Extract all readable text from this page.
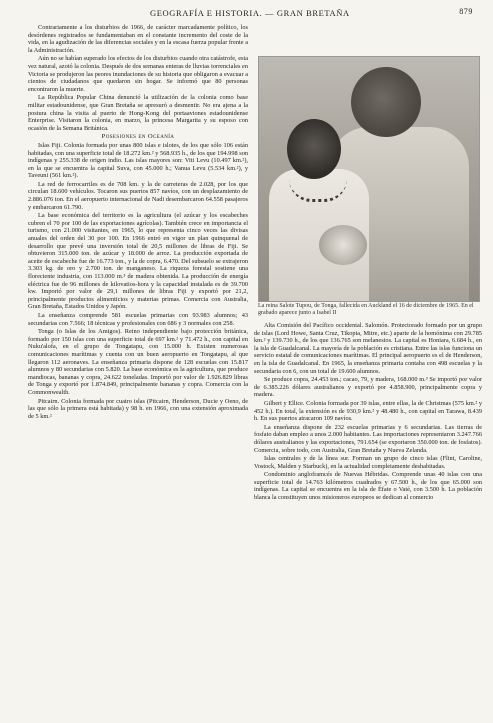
GEOGRAFÍA E HISTORIA. — GRAN BRETAÑA	879

Contrariamente a los disturbios de 1966, de carácter marcadamente político, los desórdenes registrados se fundamentaban en el constante incremento del coste de la vida, en la agudización de las diferencias sociales y en la escasa fuerza popular frente a la Administración.

Aún no se habían superado los efectos de los disturbios cuando otra catástrofe, esta vez natural, azotó la colonia. Después de dos semanas enteras de lluvias torrenciales en Victoria se produjeron las peores inundaciones de su historia que obligaron a evacuar a cientos de ciudadanos que quedaron sin hogar. Se informó que 80 personas encontraron la muerte.

La República Popular China denunció la utilización de la colonia como base militar estadounidense, que Gran Bretaña se apresuró a desmentir. No era ajena a la postura china la visita al puerto de Hong-Kong del portaaviones estadounidense Enterprise. Visitaron la colonia, en marzo, la princesa Margarita y su esposo con ocasión de la Semana Británica.

Posesiones en Oceanía

Islas Fiji. Colonia formada por unas 800 islas e islotes, de los que sólo 106 están habitadas, con una superficie total de 18.272 km.² y 568.935 h., de los que 194.998 son indígenas y 255.338 de origen indio. Las islas mayores son: Viti Levu (10.497 km.²), en la que se encuentra la capital Suva, con 45.000 h.; Vanua Levu (5.534 km.²), y Taveuni (561 km.²).

La red de ferrocarriles es de 708 km. y la de carreteras de 2.028, por los que circulan 18.600 vehículos. Tocaron sus puertos 857 navíos, con un desplazamiento de 2.886.076 ton. En el aeropuerto internacional de Nadi desembarcaron 64.558 pasajeros y embarcaron 61.790.

La base económica del territorio es la agricultura (el azúcar y los escabeches cubren el 70 por 100 de las exportaciones agrícolas). También crece en importancia el turismo, con 21.000 visitantes, en 1965, lo que representa cinco veces las divisas anuales del orden del 30 por 100. En 1966 entró en vigor un plan quinquenal de desarrollo que prevé una inversión total de 20,5 millones de libras de Fiji. Se obtuvieron 315.000 ton. de azúcar y 18.000 de arroz. La producción exportada de aceite de escabeche fue de 16.773 ton., y la de copra, 6.470. Del subsuelo se extrajeron 3.303 kg. de oro y 2.700 ton. de manganeso. La riqueza forestal sostiene una floreciente industria, con 113.000 m.³ de madera obtenida. La producción de energía eléctrica fue de 96 millones de kilovatios-hora y la capacidad instalada es de 39.700 kw. Importó por valor de 29,1 millones de libras Fiji y exportó por 21,2, principalmente productos alimenticios y materias primas. Comercia con Australia, Gran Bretaña, Estados Unidos y Japón.

La enseñanza comprende 581 escuelas primarias con 93.983 alumnos; 43 secundarias con 7.566; 18 técnicas y profesionales con 686 y 3 normales con 258.

Tonga (o Islas de los Amigos). Reino independiente bajo protección británica, formado por 150 islas con una superficie total de 697 km.² y 71.472 h., con capital en Nuku'alofa, en el grupo de Tongatapu, con 15.000 h. Existen numerosas comunicaciones marítimas y cuenta con un buen aeropuerto en Tongatapu, al que llegaron 112 aeronaves. La enseñanza primaria dispone de 128 escuelas con 15.817 alumnos y 80 secundarias con 5.820. La base económica es la agricultura, que produce mandiocas, bananas y copra, 24.622 toneladas. Importó por valor de 1.926.829 libras de Tonga y exportó por 1.874.849, principalmente bananas y copra. Comercia con la Commonwealth.

Pitcairn. Colonia formada por cuatro islas (Pitcairn, Henderson, Ducie y Oeno, de las que sólo la primera está habitada) y 98 h. en 1966, con una extensión aproximada de 5 km.²

La reina Salote Tupou, de Tonga, fallecida en Auckland el 16 de diciembre de 1965. En el grabado aparece junto a Isabel II

Alta Comisión del Pacífico occidental. Salomón. Protectorado formado por un grupo de islas (Lord Howe, Santa Cruz, Tikopia, Mitre, etc.) aparte de la homónima con 29.785 km.² y 139.730 h., de los que 136.765 son melanesios. La capital es Honiara, 6.684 h., en la isla de Guadalcanal. La mayoría de la población es cristiana. Entre las islas funciona un servicio estatal de comunicaciones marítimas. El principal aeropuerto es el de Henderson, en la isla de Guadalcanal. En 1965, la enseñanza primaria contaba con 498 escuelas y la secundaria con 6, con un total de 19.600 alumnos.

Se produce copra, 24.453 ton.; cacao, 79, y madera, 168.000 m.³ Se importó por valor de 6.385.226 dólares australianos y exportó por 4.858.900, principalmente copra y madera.

Gilbert y Ellice. Colonia formada por 39 islas, entre ellas, la de Christmas (575 km.² y 452 h.). En total, la extensión es de 930,9 km.² y 48.480 h., con capital en Tarawa, 8.439 h. En sus puertos atracaron 109 navíos.

La enseñanza dispone de 232 escuelas primarias y 6 secundarias. Las tierras de fosfato daban empleo a unos 2.000 habitantes. Las importaciones representaron 3.247.766 dólares australianos y las exportaciones, 791.654 (se exportaron 350.000 ton. de fosfatos). Comercia, sobre todo, con Australia, Gran Bretaña y Nueva Zelanda.

Islas centrales y de la línea sur. Forman un grupo de cinco islas (Flint, Caroline, Vostock, Malden y Starbuck), en la actualidad completamente deshabitadas.

Condominio angloframcés de Nuevas Hébridas. Comprende unas 40 islas con una superficie total de 14.763 kilómetros cuadrados y 67.500 h., de los que 65.000 son indígenas. La capital se encuentra en la isla de Éfate o Vaté, con 3.500 h. La población blanca la constituyen unos misioneros europeos se dedican al comercio
